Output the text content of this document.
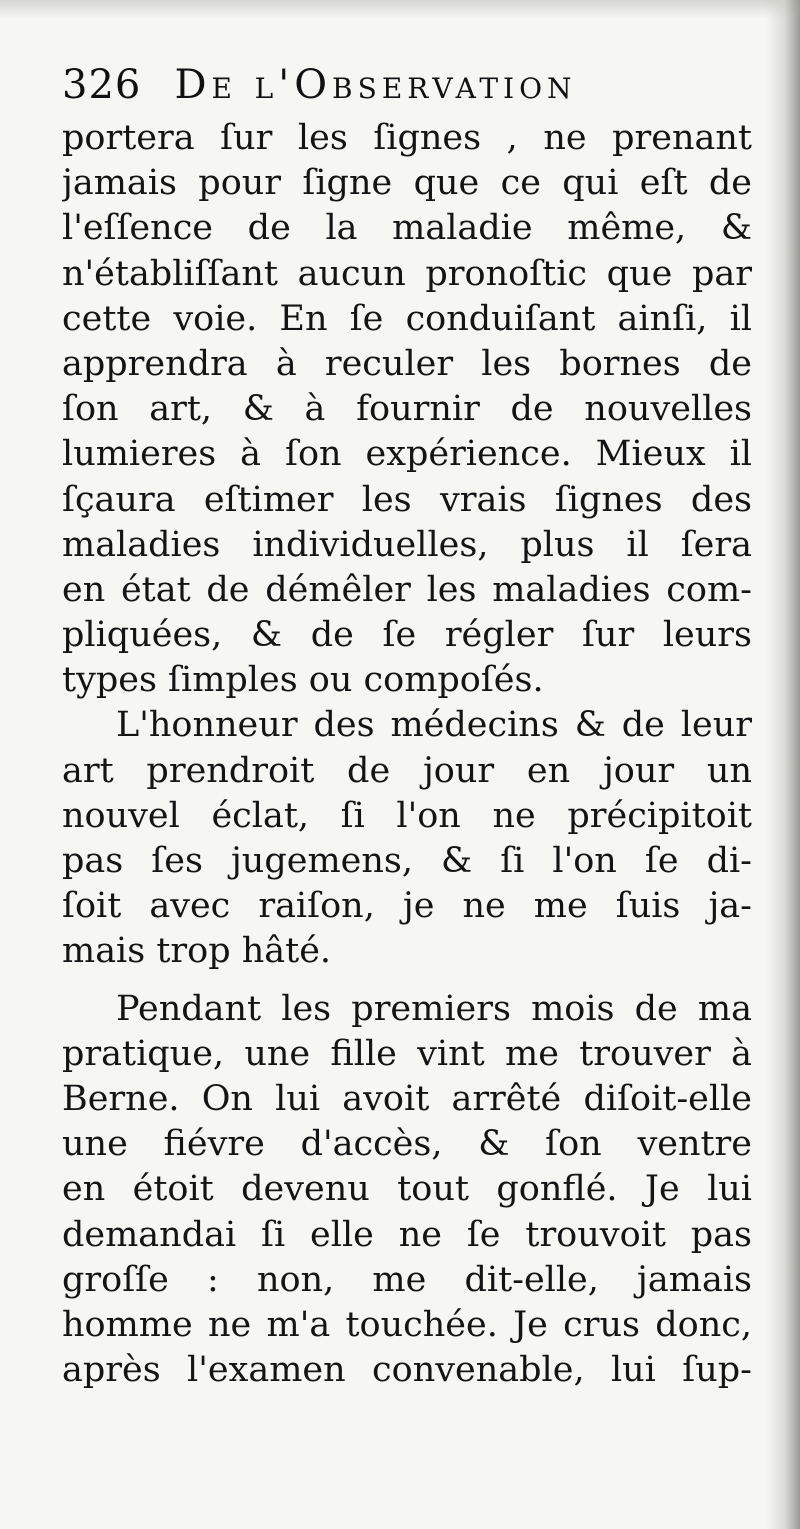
326 De l'Observation
portera ſur les ſignes , ne prenant
jamais pour ſigne que ce qui eſt de
l'eſſence de la maladie même, &
n'établiſſant aucun pronoſtic que par
cette voie. En ſe conduiſant ainſi, il
apprendra à reculer les bornes de
ſon art, & à fournir de nouvelles
lumieres à ſon expérience. Mieux il
ſçaura eſtimer les vrais ſignes des
maladies individuelles, plus il ſera
en état de démêler les maladies com-
pliquées, & de ſe régler ſur leurs
types ſimples ou compoſés.
L'honneur des médecins & de leur
art prendroit de jour en jour un
nouvel éclat, ſi l'on ne précipitoit
pas ſes jugemens, & ſi l'on ſe di-
ſoit avec raiſon, je ne me ſuis ja-
mais trop hâté.
Pendant les premiers mois de ma
pratique, une fille vint me trouver à
Berne. On lui avoit arrêté diſoit-elle
une fiévre d'accès, & ſon ventre
en étoit devenu tout gonflé. Je lui
demandai ſi elle ne ſe trouvoit pas
groſſe : non, me dit-elle, jamais
homme ne m'a touchée. Je crus donc,
après l'examen convenable, lui ſup-
